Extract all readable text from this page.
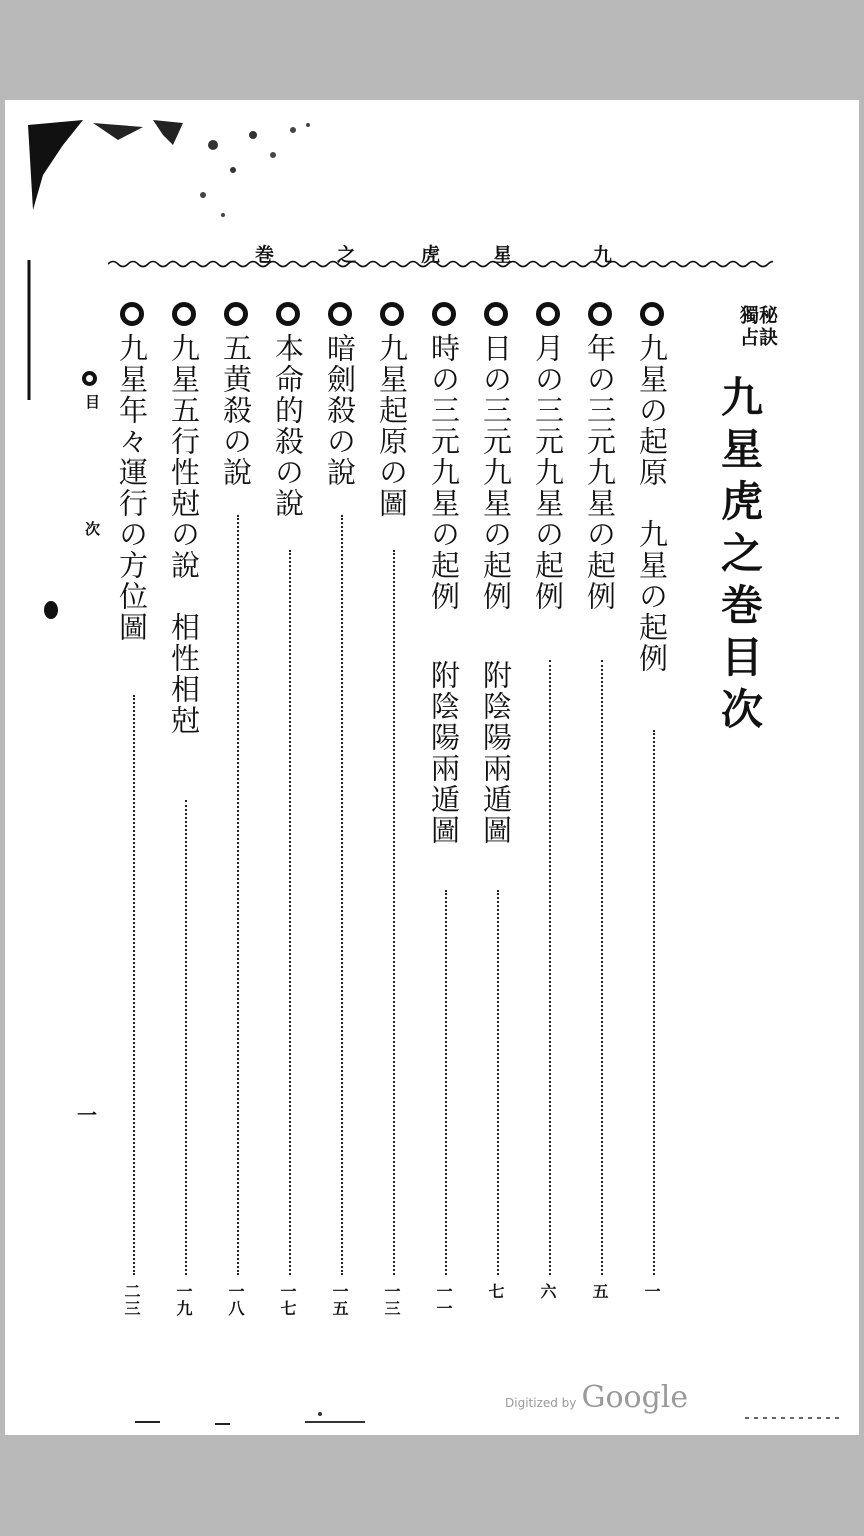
九
星
虎
之
巻
秘訣
獨占
九星虎之巻目次
九星の起原　九星の起例
一
年の三元九星の起例
五
月の三元九星の起例
六
日の三元九星の起例
附陰陽兩遁圖
七
時の三元九星の起例
附陰陽兩遁圖
一一
九星起原の圖
一三
暗劍殺の說
一五
本命的殺の說
一七
五黄殺の說
一八
九星五行性尅の說　相性相尅
一九
九星年々運行の方位圖
二三
目
次
一
Digitized by Google
